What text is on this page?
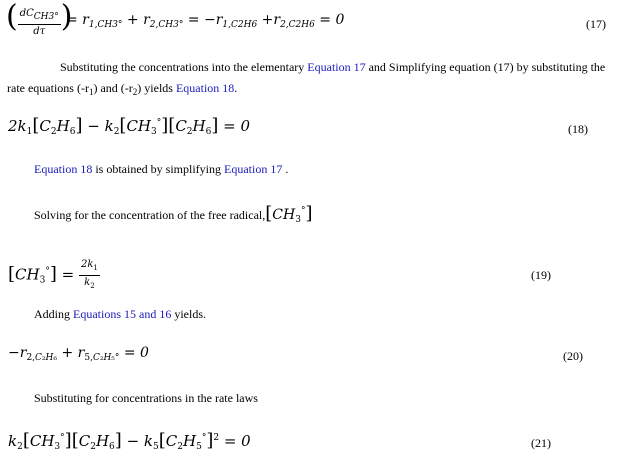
( $\frac{dC_{CH3^\circ}}{d\tau}$ )
= $r_{1,CH3^\circ} + r_{2,CH3^\circ} = -r_{1,C2H6} +r_{2,C2H6} = 0$	(17)
Substituting the concentrations into the elementary Equation 17 and Simplifying equation (17) by substituting the
rate equations $(-r_1)$ and $(-r_2)$ yields Equation 18.
$2k_1[C_2H_6] - k_2[CH_3^\circ][C_2H_6] = 0$	(18)
Equation 18 is obtained by simplifying Equation 17 .
Solving for the concentration of the free $radical,[CH_3^\circ]$
$[CH_3^\circ] = \frac{2k_1}{k_2}$	(19)
Adding Equations 15 and 16 yields.
$-r_{2,C_2H_6} + r_{5,C_2H_5^\circ} = 0$	(20)
Substituting for concentrations in the rate laws
$k_2[CH_3^\circ][C_2H_6] - k_5[C_2H_5^\circ]^2 = 0$	(21)
